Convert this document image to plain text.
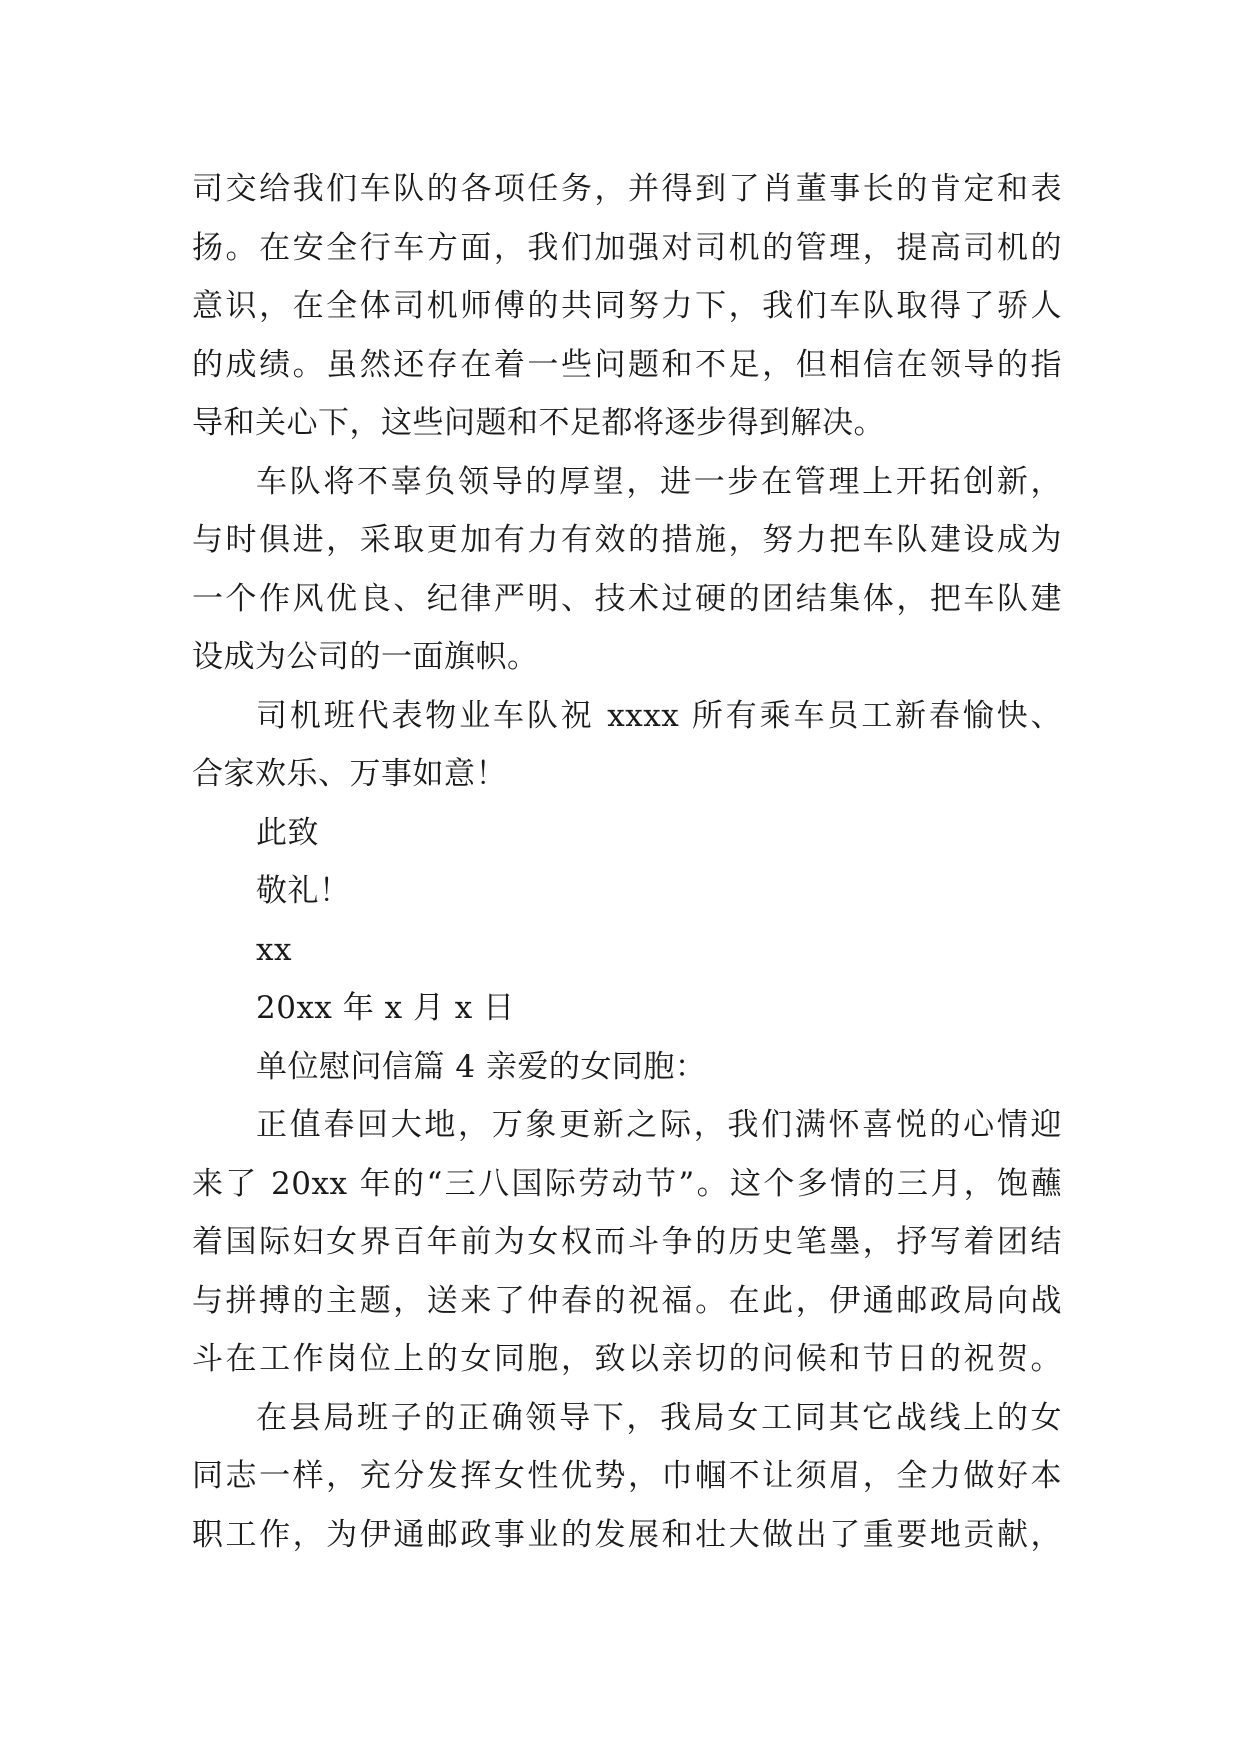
司交给我们车队的各项任务，并得到了肖董事长的肯定和表
扬。在安全行车方面，我们加强对司机的管理，提高司机的
意识，在全体司机师傅的共同努力下，我们车队取得了骄人
的成绩。虽然还存在着一些问题和不足，但相信在领导的指
导和关心下，这些问题和不足都将逐步得到解决。
车队将不辜负领导的厚望，进一步在管理上开拓创新，
与时俱进，采取更加有力有效的措施，努力把车队建设成为
一个作风优良、纪律严明、技术过硬的团结集体，把车队建
设成为公司的一面旗帜。
司机班代表物业车队祝 xxxx 所有乘车员工新春愉快、
合家欢乐、万事如意！
此致
敬礼！
xx
20xx 年 x 月 x 日
单位慰问信篇 4 亲爱的女同胞：
正值春回大地，万象更新之际，我们满怀喜悦的心情迎
来了 20xx 年的“三八国际劳动节”。这个多情的三月，饱蘸
着国际妇女界百年前为女权而斗争的历史笔墨，抒写着团结
与拼搏的主题，送来了仲春的祝福。在此，伊通邮政局向战
斗在工作岗位上的女同胞，致以亲切的问候和节日的祝贺。
在县局班子的正确领导下，我局女工同其它战线上的女
同志一样，充分发挥女性优势，巾帼不让须眉，全力做好本
职工作，为伊通邮政事业的发展和壮大做出了重要地贡献，
